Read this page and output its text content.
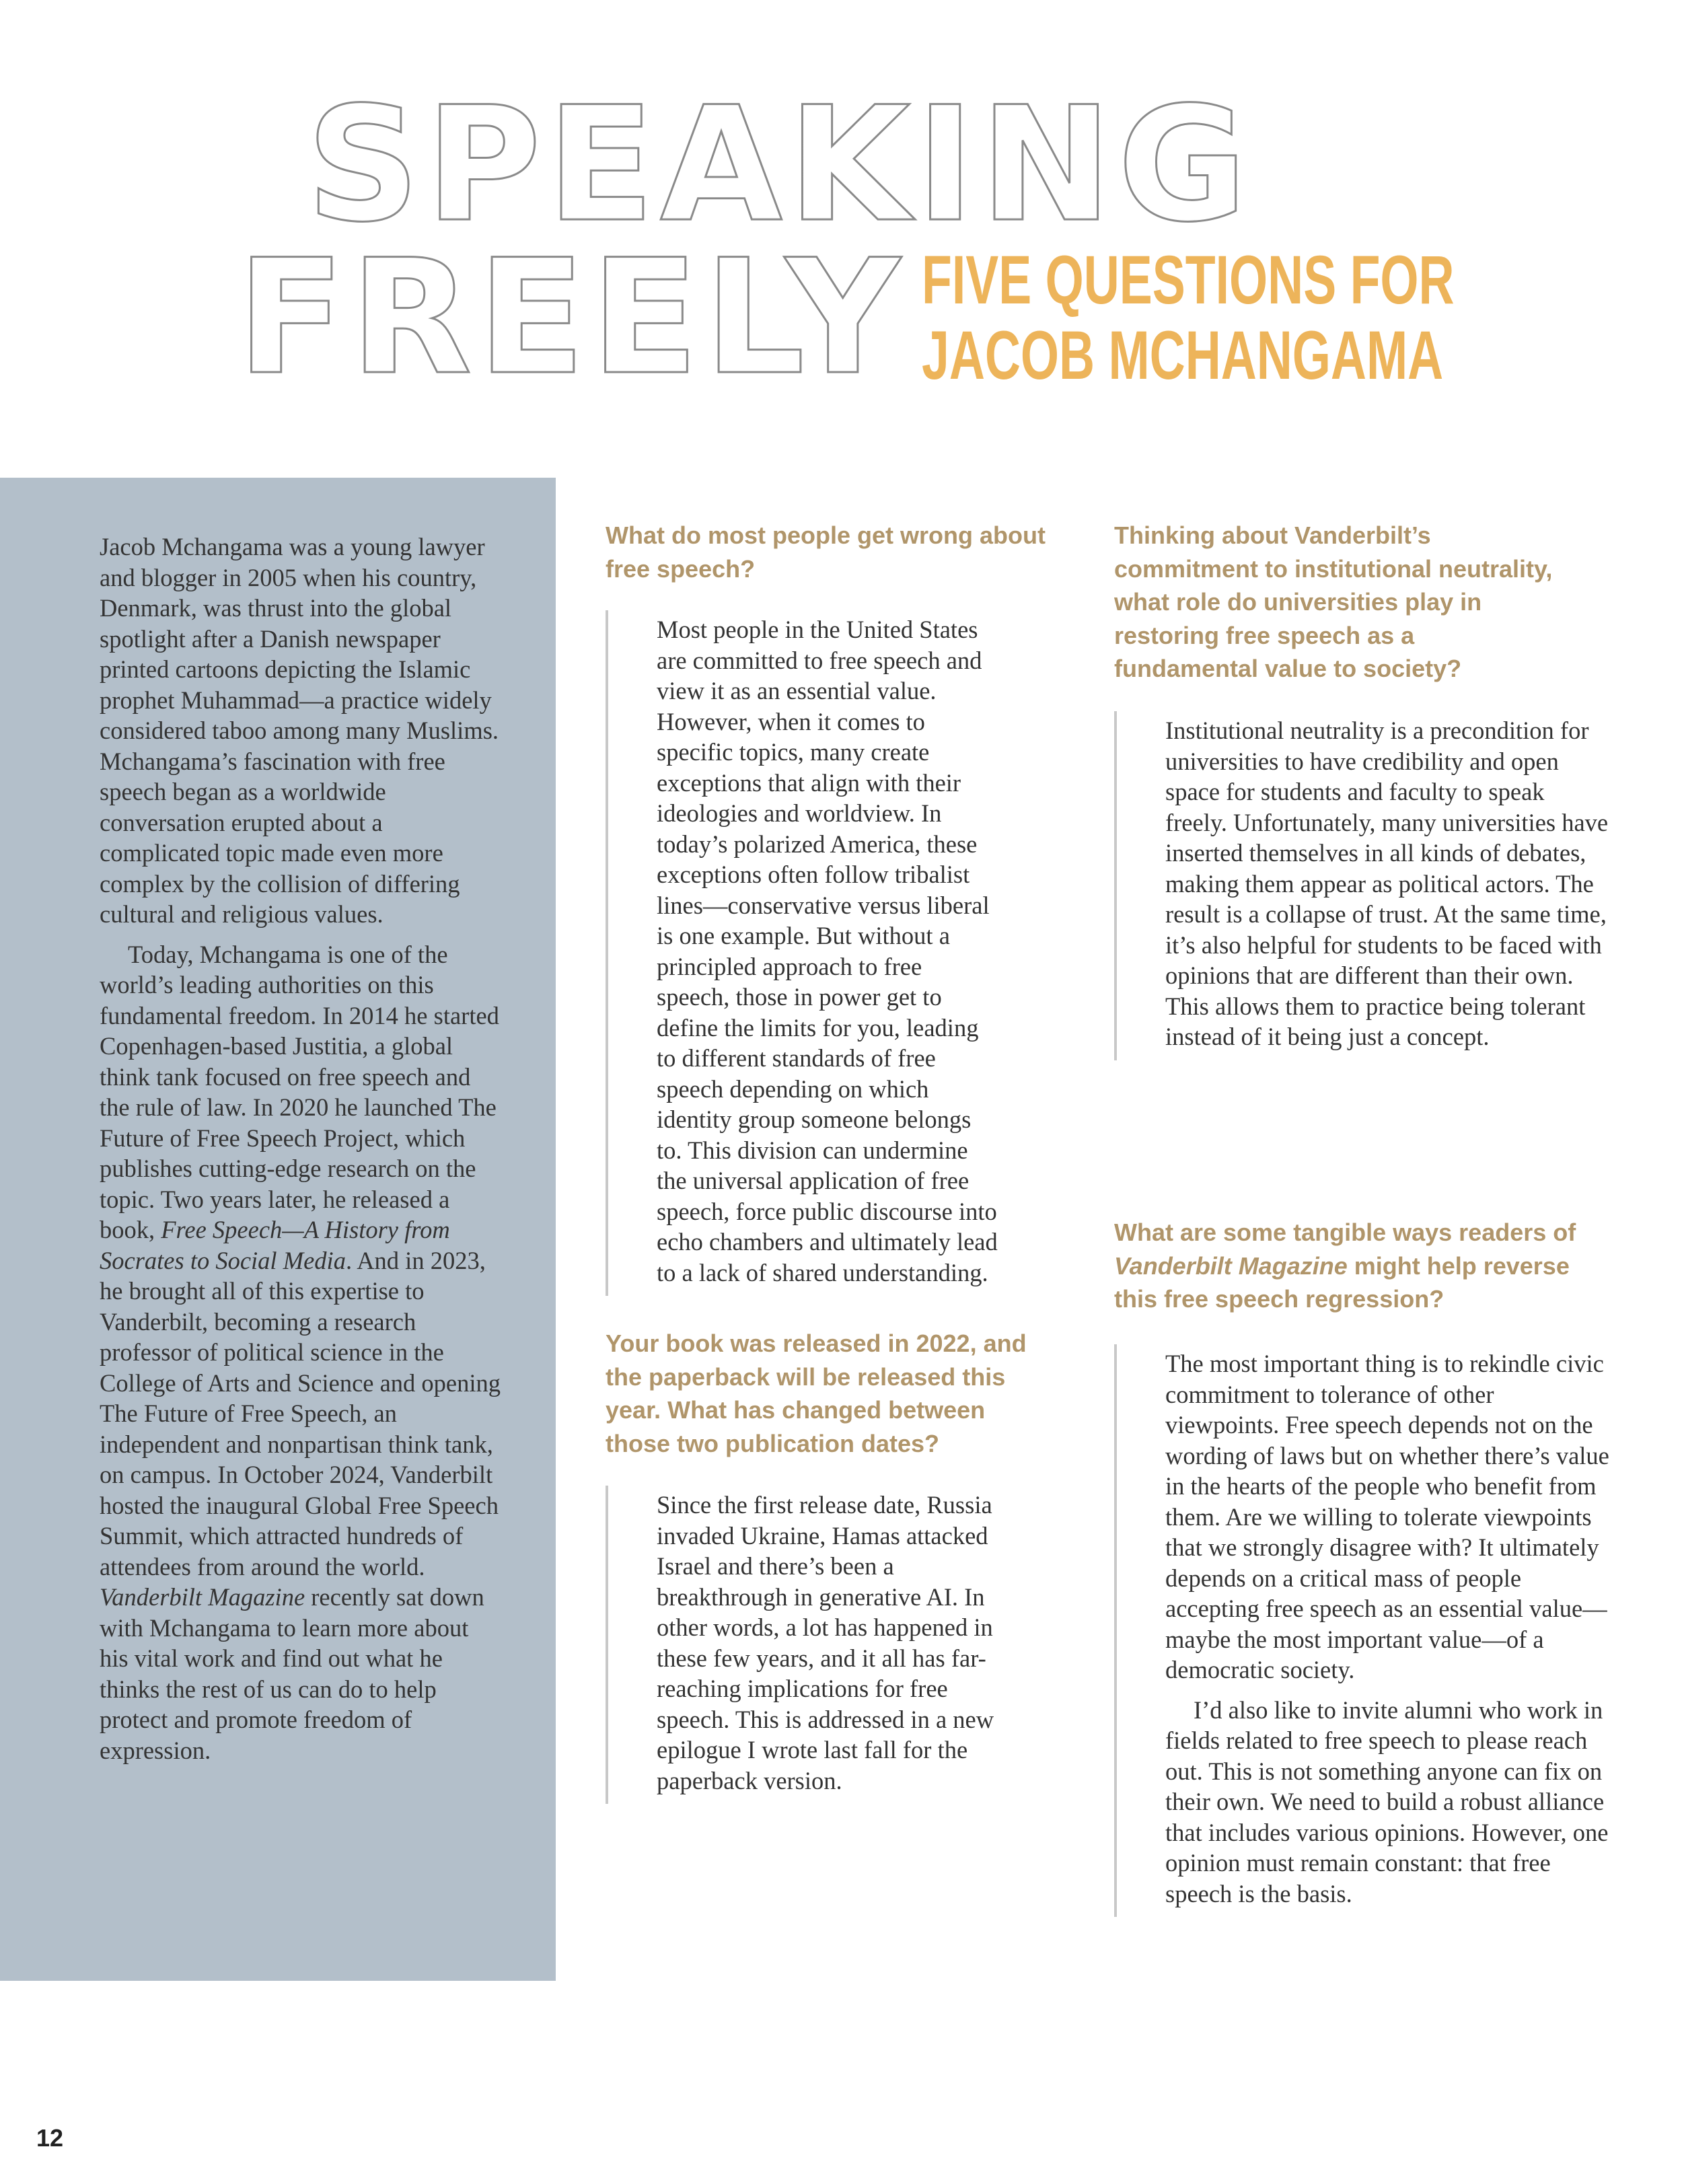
SPEAKING
FREELY FIVE QUESTIONS FOR
JACOB MCHANGAMA

Jacob Mchangama was a young lawyer and blogger in 2005 when his country, Denmark, was thrust into the global spotlight after a Danish newspaper printed cartoons depicting the Islamic prophet Muhammad—a practice widely considered taboo among many Muslims. Mchangama’s fascination with free speech began as a worldwide conversation erupted about a complicated topic made even more complex by the collision of differing cultural and religious values.

Today, Mchangama is one of the world’s leading authorities on this fundamental freedom. In 2014 he started Copenhagen-based Justitia, a global think tank focused on free speech and the rule of law. In 2020 he launched The Future of Free Speech Project, which publishes cutting-edge research on the topic. Two years later, he released a book, Free Speech—A History from Socrates to Social Media. And in 2023, he brought all of this expertise to Vanderbilt, becoming a research professor of political science in the College of Arts and Science and opening The Future of Free Speech, an independent and nonpartisan think tank, on campus. In October 2024, Vanderbilt hosted the inaugural Global Free Speech Summit, which attracted hundreds of attendees from around the world. Vanderbilt Magazine recently sat down with Mchangama to learn more about his vital work and find out what he thinks the rest of us can do to help protect and promote freedom of expression.

What do most people get wrong about free speech?

Most people in the United States are committed to free speech and view it as an essential value. However, when it comes to specific topics, many create exceptions that align with their ideologies and worldview. In today’s polarized America, these exceptions often follow tribalist lines—conservative versus liberal is one example. But without a principled approach to free speech, those in power get to define the limits for you, leading to different standards of free speech depending on which identity group someone belongs to. This division can undermine the universal application of free speech, force public discourse into echo chambers and ultimately lead to a lack of shared understanding.

Your book was released in 2022, and the paperback will be released this year. What has changed between those two publication dates?

Since the first release date, Russia invaded Ukraine, Hamas attacked Israel and there’s been a breakthrough in generative AI. In other words, a lot has happened in these few years, and it all has far-reaching implications for free speech. This is addressed in a new epilogue I wrote last fall for the paperback version.

Thinking about Vanderbilt’s commitment to institutional neutrality, what role do universities play in restoring free speech as a fundamental value to society?

Institutional neutrality is a precondition for universities to have credibility and open space for students and faculty to speak freely. Unfortunately, many universities have inserted themselves in all kinds of debates, making them appear as political actors. The result is a collapse of trust. At the same time, it’s also helpful for students to be faced with opinions that are different than their own. This allows them to practice being tolerant instead of it being just a concept.

What are some tangible ways readers of Vanderbilt Magazine might help reverse this free speech regression?

The most important thing is to rekindle civic commitment to tolerance of other viewpoints. Free speech depends not on the wording of laws but on whether there’s value in the hearts of the people who benefit from them. Are we willing to tolerate viewpoints that we strongly disagree with? It ultimately depends on a critical mass of people accepting free speech as an essential value—maybe the most important value—of a democratic society.

I’d also like to invite alumni who work in fields related to free speech to please reach out. This is not something anyone can fix on their own. We need to build a robust alliance that includes various opinions. However, one opinion must remain constant: that free speech is the basis.

12
